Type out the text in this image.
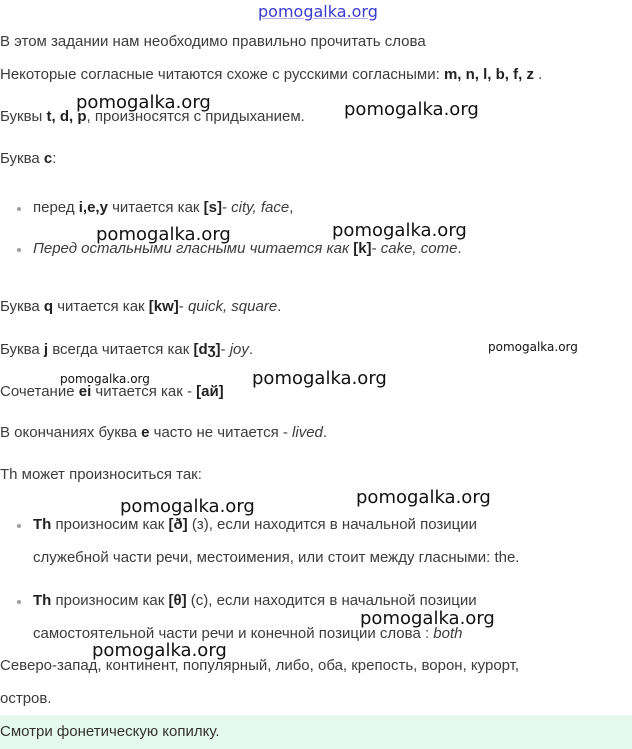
pomogalka.org
В этом задании нам необходимо правильно прочитать слова
Некоторые согласные читаются схоже с русскими согласными: m, n, l, b, f, z .
Буквы t, d, p, произносятся с придыханием.
Буква c:
перед i,e,y читается как [s]- city, face,
Перед остальными гласными читается как [k]- cake, come.
Буква q читается как [kw]- quick, square.
Буква j всегда читается как [dʒ]- joy.
Сочетание ei читается как - [ай]
В окончаниях буква e часто не читается - lived.
Th может произноситься так:
Th произносим как [ð] (з), если находится в начальной позиции
служебной части речи, местоимения, или стоит между гласными: the.
Th произносим как [θ] (с), если находится в начальной позиции
самостоятельной части речи и конечной позиции слова : both
Северо-запад, континент, популярный, либо, оба, крепость, ворон, курорт,
остров.
Смотри фонетическую копилку.
pomogalka.org	pomogalka.org
pomogalka.org	pomogalka.org
pomogalka.org
pomogalka.org	pomogalka.org
pomogalka.org	pomogalka.org
pomogalka.org
pomogalka.org
